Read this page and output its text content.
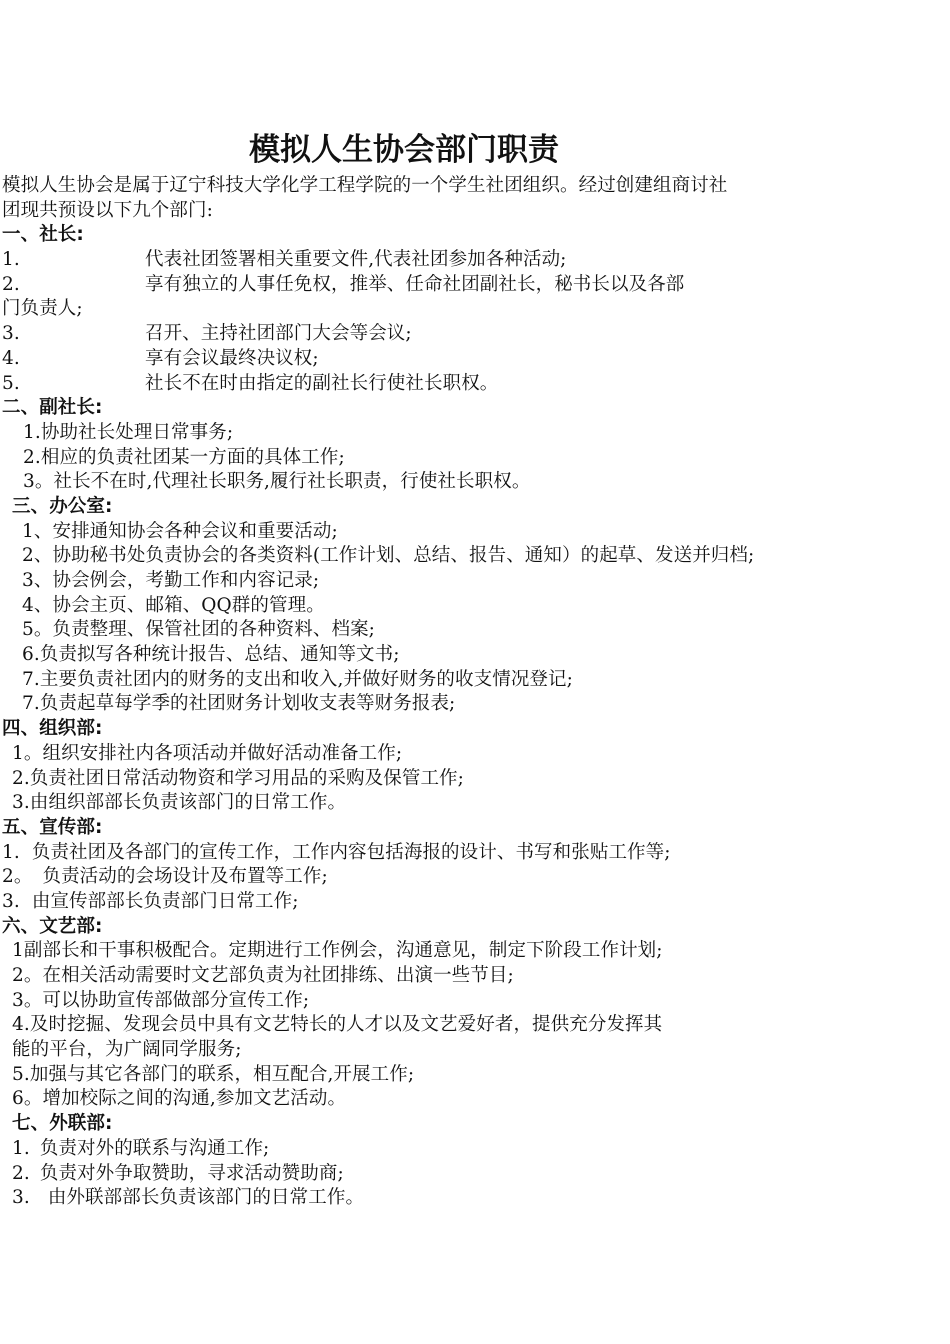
模拟人生协会部门职责
模拟人生协会是属于辽宁科技大学化学工程学院的一个学生社团组织。经过创建组商讨社
团现共预设以下九个部门:
一、社长:
1.	代表社团签署相关重要文件,代表社团参加各种活动;
2.	享有独立的人事任免权，推举、任命社团副社长，秘书长以及各部
门负责人;
3.	召开、主持社团部门大会等会议;
4.	享有会议最终决议权;
5.	社长不在时由指定的副社长行使社长职权。
二、副社长:
1.协助社长处理日常事务;
2.相应的负责社团某一方面的具体工作;
3。社长不在时,代理社长职务,履行社长职责，行使社长职权。
三、办公室:
1、安排通知协会各种会议和重要活动;
2、协助秘书处负责协会的各类资料(工作计划、总结、报告、通知）的起草、发送并归档;
3、协会例会，考勤工作和内容记录;
4、协会主页、邮箱、QQ群的管理。
5。负责整理、保管社团的各种资料、档案;
6.负责拟写各种统计报告、总结、通知等文书;
7.主要负责社团内的财务的支出和收入,并做好财务的收支情况登记;
7.负责起草每学季的社团财务计划收支表等财务报表;
四、组织部:
1。组织安排社内各项活动并做好活动准备工作;
2.负责社团日常活动物资和学习用品的采购及保管工作;
3.由组织部部长负责该部门的日常工作。
五、宣传部:
1. 负责社团及各部门的宣传工作，工作内容包括海报的设计、书写和张贴工作等;
2。 负责活动的会场设计及布置等工作;
3. 由宣传部部长负责部门日常工作;
六、文艺部:
1副部长和干事积极配合。定期进行工作例会，沟通意见，制定下阶段工作计划;
2。在相关活动需要时文艺部负责为社团排练、出演一些节目;
3。可以协助宣传部做部分宣传工作;
4.及时挖掘、发现会员中具有文艺特长的人才以及文艺爱好者，提供充分发挥其
能的平台，为广阔同学服务;
5.加强与其它各部门的联系，相互配合,开展工作;
6。增加校际之间的沟通,参加文艺活动。
七、外联部:
1. 负责对外的联系与沟通工作;
2. 负责对外争取赞助，寻求活动赞助商;
3. 由外联部部长负责该部门的日常工作。
